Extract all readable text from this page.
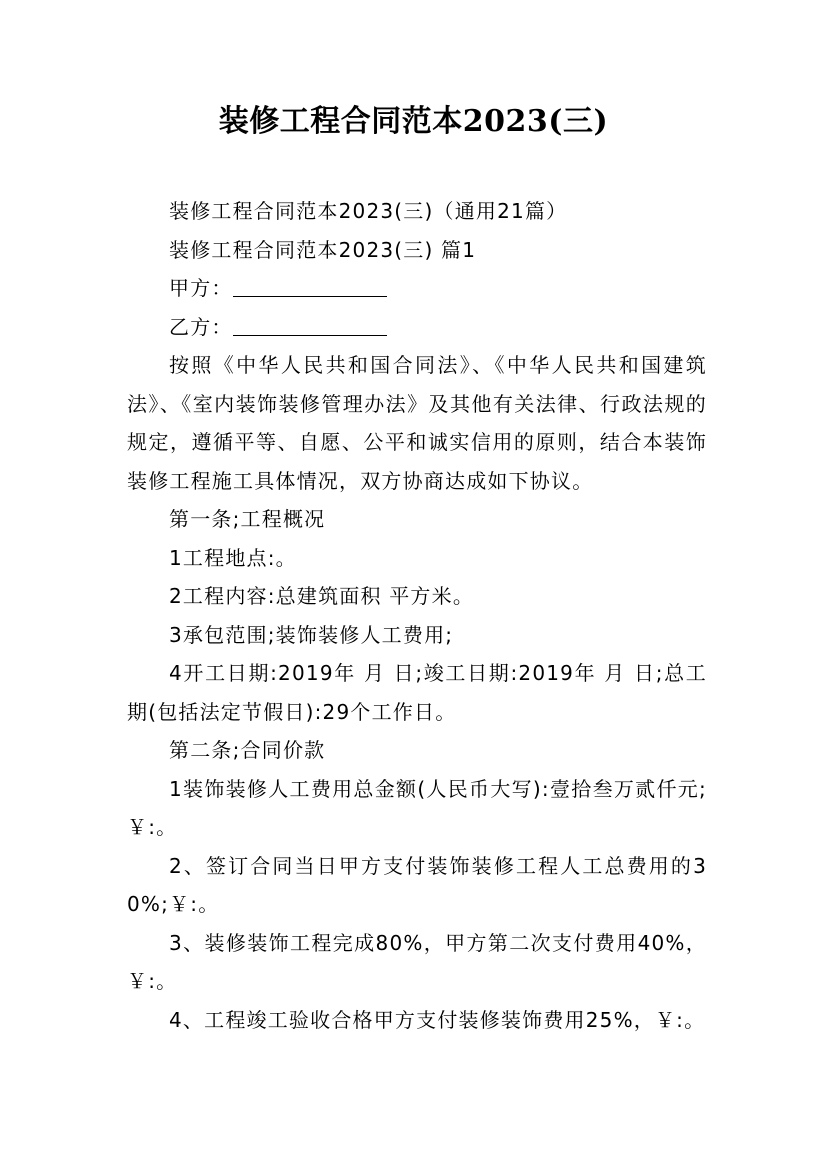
装修工程合同范本2023(三)

装修工程合同范本2023(三)（通用21篇）

装修工程合同范本2023(三) 篇1

甲方：

乙方：

按照《中华人民共和国合同法》、《中华人民共和国建筑法》、《室内装饰装修管理办法》及其他有关法律、行政法规的规定，遵循平等、自愿、公平和诚实信用的原则，结合本装饰装修工程施工具体情况，双方协商达成如下协议。

第一条;工程概况

1工程地点:。

2工程内容:总建筑面积 平方米。

3承包范围;装饰装修人工费用;

4开工日期:2019年 月 日;竣工日期:2019年 月 日;总工期(包括法定节假日):29个工作日。

第二条;合同价款

1装饰装修人工费用总金额(人民币大写):壹拾叁万贰仟元;￥:。

2、签订合同当日甲方支付装饰装修工程人工总费用的30%;￥:。

3、装修装饰工程完成80%，甲方第二次支付费用40%，￥:。

4、工程竣工验收合格甲方支付装修装饰费用25%，￥:。
